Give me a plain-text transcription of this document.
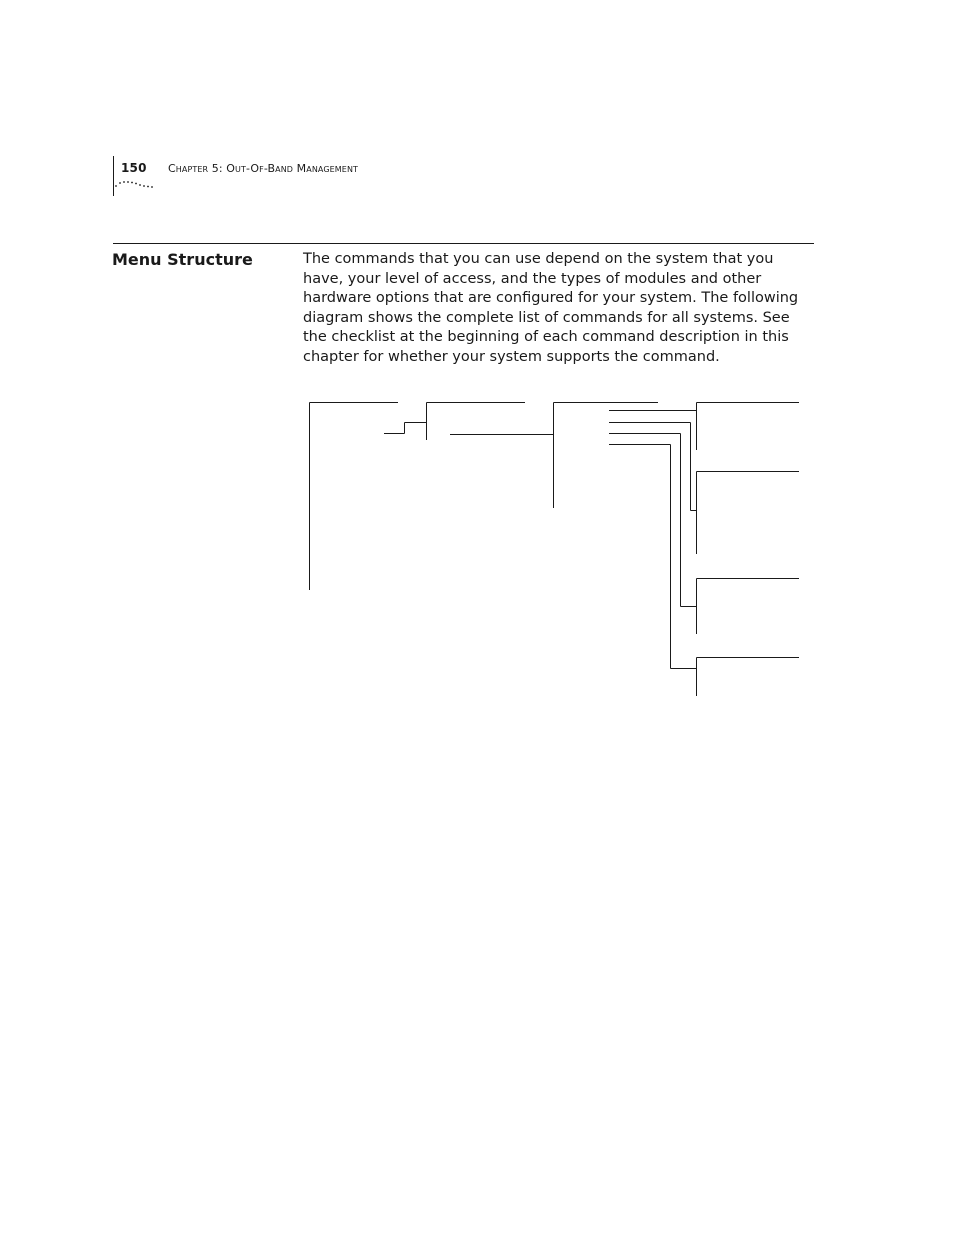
150 Chapter 5: Out-Of-Band Management
Menu Structure	The commands that you can use depend on the system that you have, your level of access, and the types of modules and other hardware options that are configured for your system. The following diagram shows the complete list of commands for all systems. See the checklist at the beginning of each command description in this chapter for whether your system supports the command.
